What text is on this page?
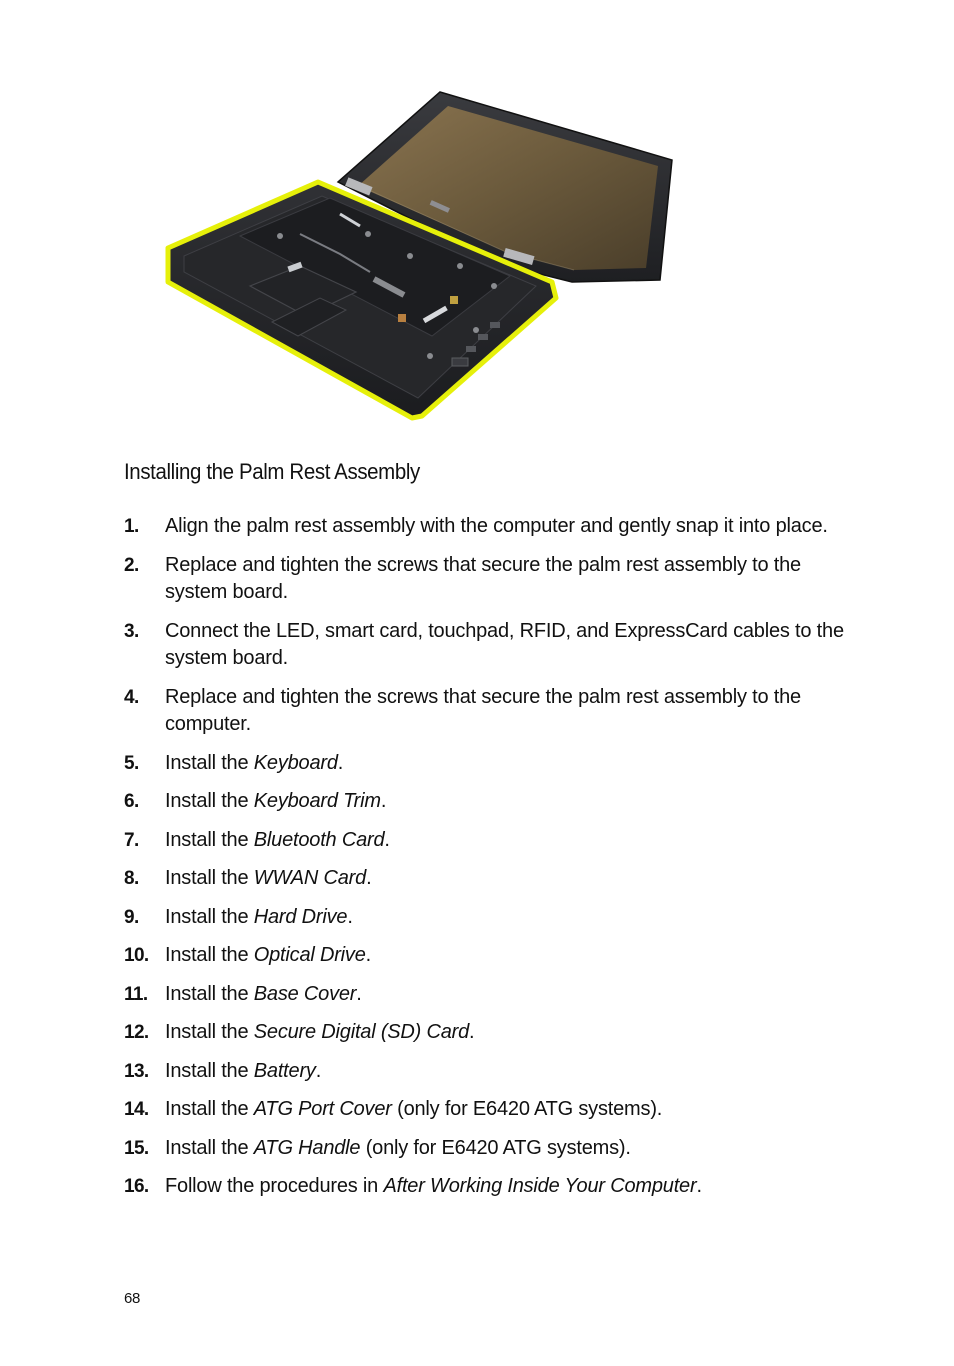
Installing the Palm Rest Assembly
1. Align the palm rest assembly with the computer and gently snap it into place.
2. Replace and tighten the screws that secure the palm rest assembly to the system board.
3. Connect the LED, smart card, touchpad, RFID, and ExpressCard cables to the system board.
4. Replace and tighten the screws that secure the palm rest assembly to the computer.
5. Install the Keyboard.
6. Install the Keyboard Trim.
7. Install the Bluetooth Card.
8. Install the WWAN Card.
9. Install the Hard Drive.
10. Install the Optical Drive.
11. Install the Base Cover.
12. Install the Secure Digital (SD) Card.
13. Install the Battery.
14. Install the ATG Port Cover (only for E6420 ATG systems).
15. Install the ATG Handle (only for E6420 ATG systems).
16. Follow the procedures in After Working Inside Your Computer.
68
